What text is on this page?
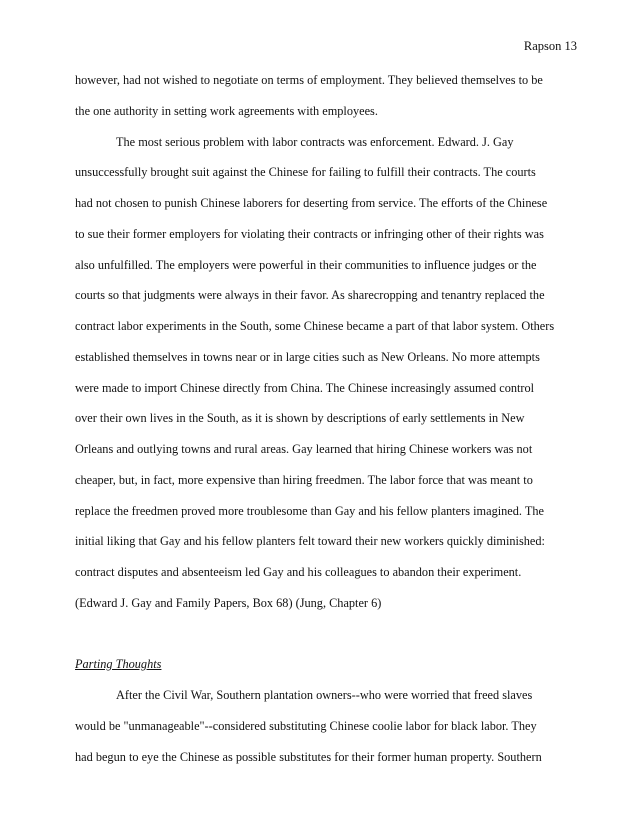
Rapson 13
however, had not wished to negotiate on terms of employment. They believed themselves to be
the one authority in setting work agreements with employees.
The most serious problem with labor contracts was enforcement. Edward. J. Gay
unsuccessfully brought suit against the Chinese for failing to fulfill their contracts. The courts
had not chosen to punish Chinese laborers for deserting from service. The efforts of the Chinese
to sue their former employers for violating their contracts or infringing other of their rights was
also unfulfilled. The employers were powerful in their communities to influence judges or the
courts so that judgments were always in their favor. As sharecropping and tenantry replaced the
contract labor experiments in the South, some Chinese became a part of that labor system. Others
established themselves in towns near or in large cities such as New Orleans. No more attempts
were made to import Chinese directly from China. The Chinese increasingly assumed control
over their own lives in the South, as it is shown by descriptions of early settlements in New
Orleans and outlying towns and rural areas. Gay learned that hiring Chinese workers was not
cheaper, but, in fact, more expensive than hiring freedmen. The labor force that was meant to
replace the freedmen proved more troublesome than Gay and his fellow planters imagined. The
initial liking that Gay and his fellow planters felt toward their new workers quickly diminished:
contract disputes and absenteeism led Gay and his colleagues to abandon their experiment.
(Edward J. Gay and Family Papers, Box 68) (Jung, Chapter 6)
Parting Thoughts
After the Civil War, Southern plantation owners--who were worried that freed slaves
would be "unmanageable"--considered substituting Chinese coolie labor for black labor. They
had begun to eye the Chinese as possible substitutes for their former human property. Southern
